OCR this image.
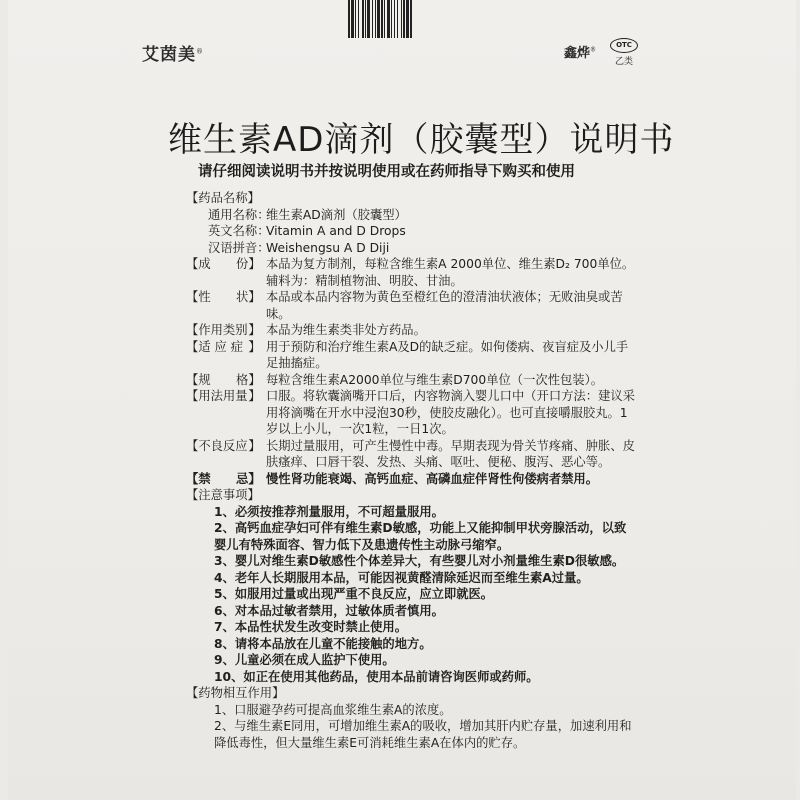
艾茵美®	鑫烨®
OTC
乙类
维生素AD滴剂（胶囊型）说明书
请仔细阅读说明书并按说明使用或在药师指导下购买和使用
【药品名称】
通用名称：
维生素AD滴剂（胶囊型）
英文名称：
Vitamin A and D Drops
汉语拼音：
Weishengsu A D Diji
【 成 份 】 本品为复方制剂，每粒含维生素A 2000单位、维生素D₂ 700单位。辅料为：精制植物油、明胶、甘油。
【 性 状 】 本品或本品内容物为黄色至橙红色的澄清油状液体；无败油臭或苦味。
【 作用类别 】 本品为维生素类非处方药品。
【 适 应 症 】 用于预防和治疗维生素A及D的缺乏症。如佝偻病、夜盲症及小儿手足抽搐症。
【 规 格 】 每粒含维生素A2000单位与维生素D700单位（一次性包装）。
【 用法用量 】 口服。将软囊滴嘴开口后，内容物滴入婴儿口中（开口方法：建议采用将滴嘴在开水中浸泡30秒，使胶皮融化）。也可直接嚼服胶丸。1岁以上小儿，一次1粒，一日1次。
【 不良反应 】 长期过量服用，可产生慢性中毒。早期表现为骨关节疼痛、肿胀、皮肤瘙痒、口唇干裂、发热、头痛、呕吐、便秘、腹泻、恶心等。
【 禁 忌 】 慢性肾功能衰竭、高钙血症、高磷血症伴肾性佝偻病者禁用。
【注意事项】
1、必须按推荐剂量服用，不可超量服用。
2、高钙血症孕妇可伴有维生素D敏感，功能上又能抑制甲状旁腺活动，以致婴儿有特殊面容、智力低下及患遗传性主动脉弓缩窄。
3、婴儿对维生素D敏感性个体差异大，有些婴儿对小剂量维生素D很敏感。
4、老年人长期服用本品，可能因视黄醛清除延迟而至维生素A过量。
5、如服用过量或出现严重不良反应，应立即就医。
6、对本品过敏者禁用，过敏体质者慎用。
7、本品性状发生改变时禁止使用。
8、请将本品放在儿童不能接触的地方。
9、儿童必须在成人监护下使用。
10、如正在使用其他药品，使用本品前请咨询医师或药师。
【药物相互作用】
1、口服避孕药可提高血浆维生素A的浓度。
2、与维生素E同用，可增加维生素A的吸收，增加其肝内贮存量，加速利用和降低毒性，但大量维生素E可消耗维生素A在体内的贮存。
